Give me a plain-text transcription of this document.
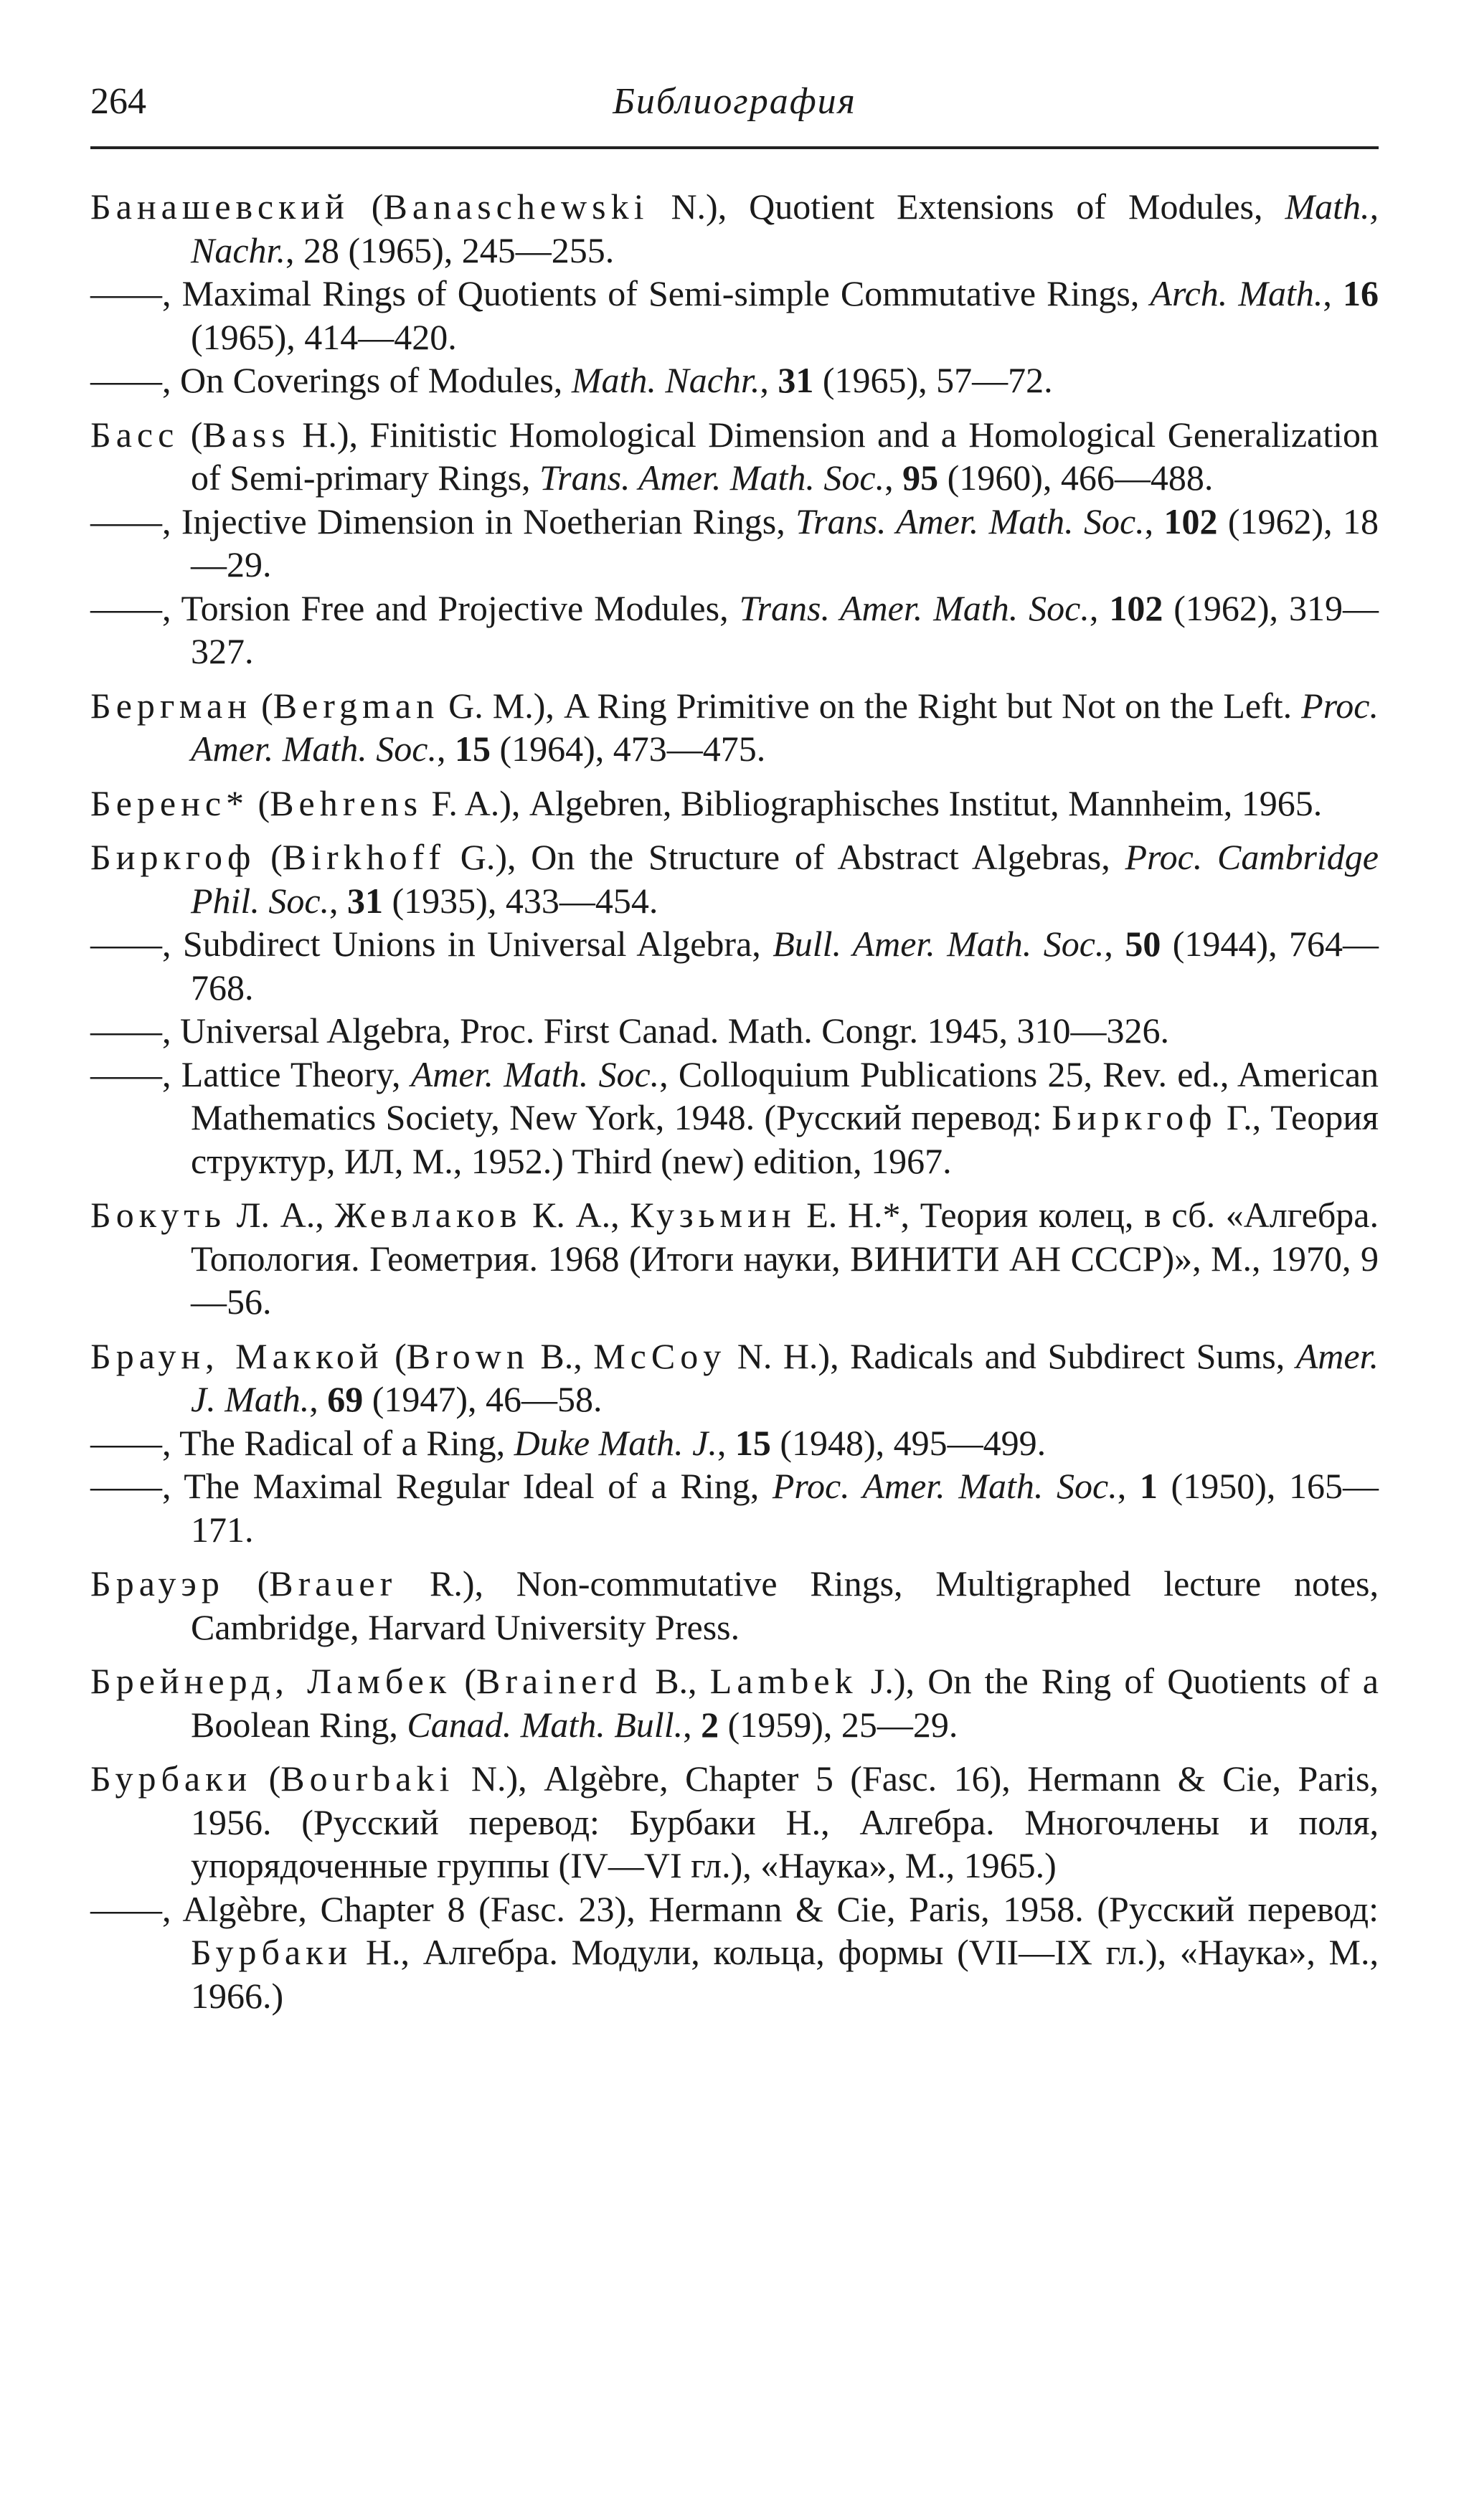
264	Библиография

Банашевский (Banaschewski N.), Quotient Extensions of Modules, Math., Nachr., 28 (1965), 245—255.

——, Maximal Rings of Quotients of Semi-simple Commutative Rings, Arch. Math., 16 (1965), 414—420.

——, On Coverings of Modules, Math. Nachr., 31 (1965), 57—72.

Басс (Bass H.), Finitistic Homological Dimension and a Homological Generalization of Semi-primary Rings, Trans. Amer. Math. Soc., 95 (1960), 466—488.

——, Injective Dimension in Noetherian Rings, Trans. Amer. Math. Soc., 102 (1962), 18—29.

——, Torsion Free and Projective Modules, Trans. Amer. Math. Soc., 102 (1962), 319—327.

Бергман (Bergman G. M.), A Ring Primitive on the Right but Not on the Left. Proc. Amer. Math. Soc., 15 (1964), 473—475.

Беренс* (Behrens F. A.), Algebren, Bibliographisches Institut, Mannheim, 1965.

Биркгоф (Birkhoff G.), On the Structure of Abstract Algebras, Proc. Cambridge Phil. Soc., 31 (1935), 433—454.

——, Subdirect Unions in Universal Algebra, Bull. Amer. Math. Soc., 50 (1944), 764—768.

——, Universal Algebra, Proc. First Canad. Math. Congr. 1945, 310—326.

——, Lattice Theory, Amer. Math. Soc., Colloquium Publications 25, Rev. ed., American Mathematics Society, New York, 1948. (Русский перевод: Биркгоф Г., Теория структур, ИЛ, М., 1952.) Third (new) edition, 1967.

Бокуть Л. А., Жевлаков К. А., Кузьмин Е. Н.*, Теория колец, в сб. «Алгебра. Топология. Геометрия. 1968 (Итоги науки, ВИНИТИ АН СССР)», М., 1970, 9—56.

Браун, Маккой (Brown B., McCoy N. H.), Radicals and Subdirect Sums, Amer. J. Math., 69 (1947), 46—58.

——, The Radical of a Ring, Duke Math. J., 15 (1948), 495—499.

——, The Maximal Regular Ideal of a Ring, Proc. Amer. Math. Soc., 1 (1950), 165—171.

Брауэр (Brauer R.), Non-commutative Rings, Multigraphed lecture notes, Cambridge, Harvard University Press.

Брейнерд, Ламбек (Brainerd B., Lambek J.), On the Ring of Quotients of a Boolean Ring, Canad. Math. Bull., 2 (1959), 25—29.

Бурбаки (Bourbaki N.), Algèbre, Chapter 5 (Fasc. 16), Hermann & Cie, Paris, 1956. (Русский перевод: Бурбаки Н., Алгебра. Многочлены и поля, упорядоченные группы (IV—VI гл.), «Наука», М., 1965.)

——, Algèbre, Chapter 8 (Fasc. 23), Hermann & Cie, Paris, 1958. (Русский перевод: Бурбаки Н., Алгебра. Модули, кольца, формы (VII—IX гл.), «Наука», М., 1966.)
